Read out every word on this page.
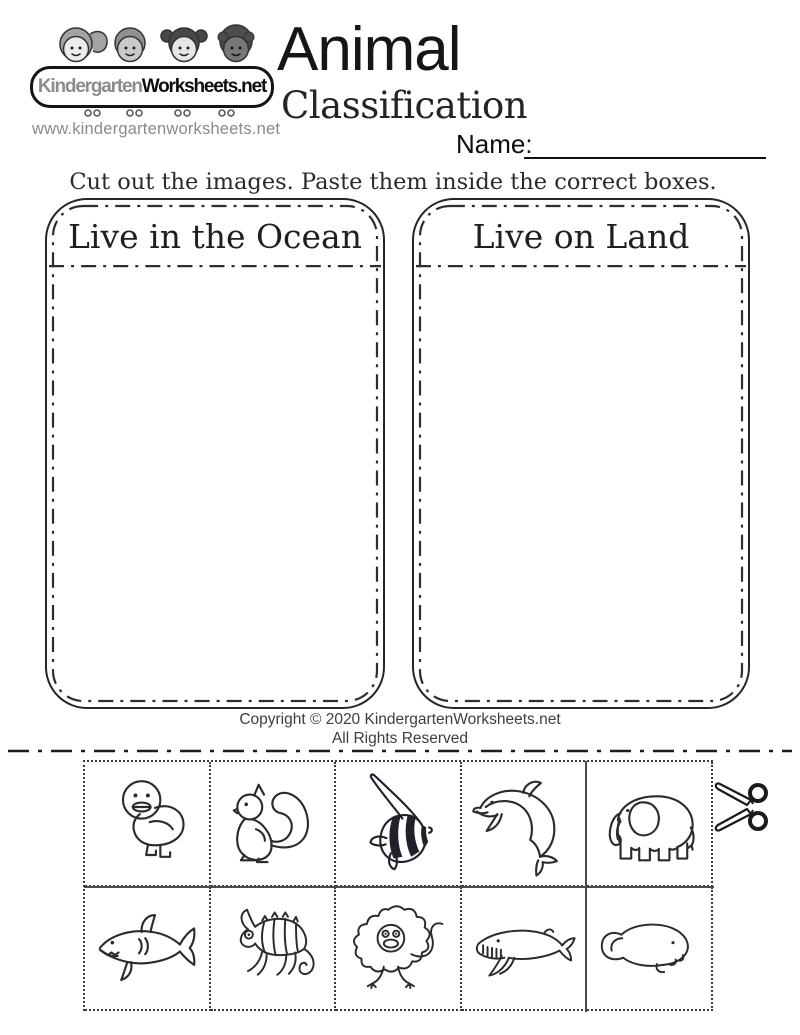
Kindergarten Worksheets.net
www.kindergartenworksheets.net
Animal
Classification
Name:
Cut out the images. Paste them inside the correct boxes.
Live in the Ocean	Live on Land
Copyright © 2020 KindergartenWorksheets.net
All Rights Reserved
